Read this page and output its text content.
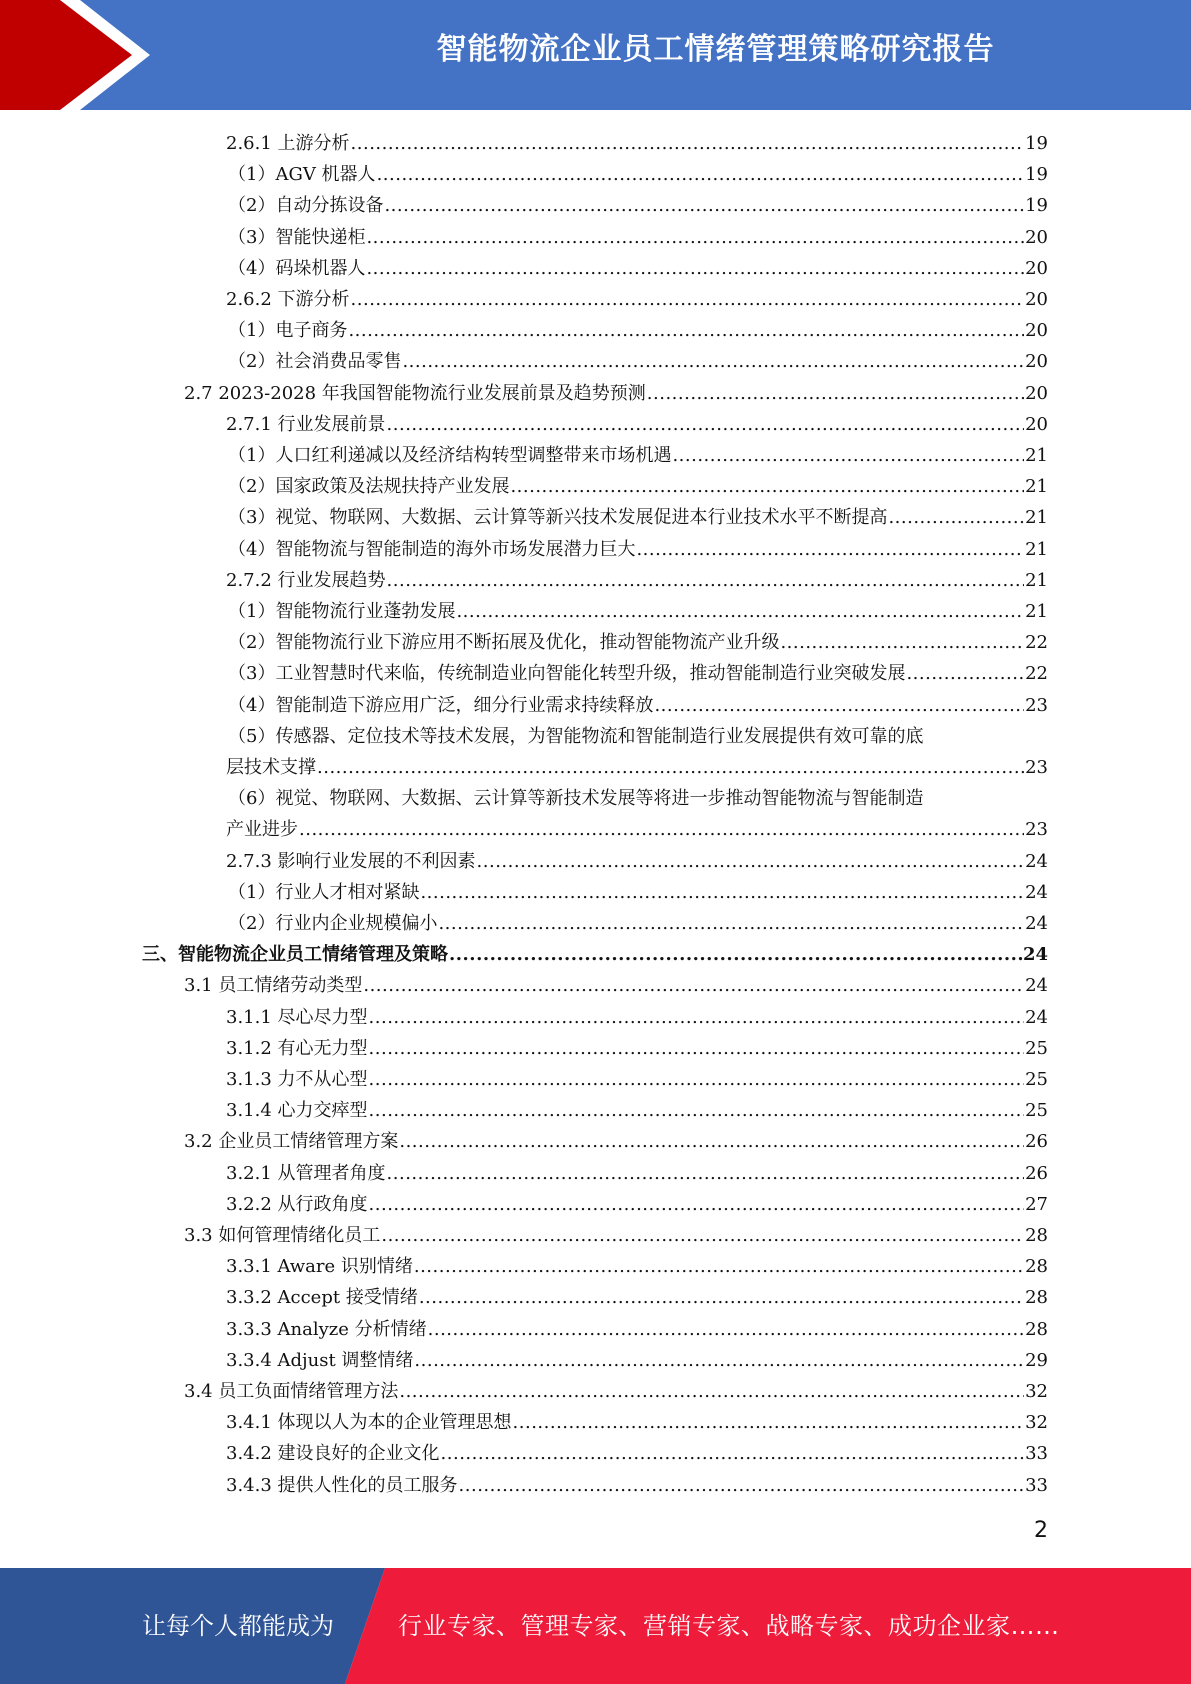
智能物流企业员工情绪管理策略研究报告
2.6.1 上游分析 .....	19
（1）AGV 机器人 .....	19
（2）自动分拣设备 .....	19
（3）智能快递柜 .....	20
（4）码垛机器人 .....	20
2.6.2 下游分析 .....	20
（1）电子商务 .....	20
（2）社会消费品零售 .....	20
2.7 2023-2028 年我国智能物流行业发展前景及趋势预测 .....	20
2.7.1 行业发展前景 .....	20
（1）人口红利递减以及经济结构转型调整带来市场机遇 .....	21
（2）国家政策及法规扶持产业发展 .....	21
（3）视觉、物联网、大数据、云计算等新兴技术发展促进本行业技术水平不断提高 .....	21
（4）智能物流与智能制造的海外市场发展潜力巨大 .....	21
2.7.2 行业发展趋势 .....	21
（1）智能物流行业蓬勃发展 .....	21
（2）智能物流行业下游应用不断拓展及优化，推动智能物流产业升级 .....	22
（3）工业智慧时代来临，传统制造业向智能化转型升级，推动智能制造行业突破发展 .....	22
（4）智能制造下游应用广泛，细分行业需求持续释放 .....	23
（5）传感器、定位技术等技术发展，为智能物流和智能制造行业发展提供有效可靠的底
层技术支撑 .....	23
（6）视觉、物联网、大数据、云计算等新技术发展等将进一步推动智能物流与智能制造
产业进步 .....	23
2.7.3 影响行业发展的不利因素 .....	24
（1）行业人才相对紧缺 .....	24
（2）行业内企业规模偏小 .....	24
三、智能物流企业员工情绪管理及策略 .....	24
3.1 员工情绪劳动类型 .....	24
3.1.1 尽心尽力型 .....	24
3.1.2 有心无力型 .....	25
3.1.3 力不从心型 .....	25
3.1.4 心力交瘁型 .....	25
3.2 企业员工情绪管理方案 .....	26
3.2.1 从管理者角度 .....	26
3.2.2 从行政角度 .....	27
3.3 如何管理情绪化员工 .....	28
3.3.1 Aware 识别情绪 .....	28
3.3.2 Accept 接受情绪 .....	28
3.3.3 Analyze 分析情绪 .....	28
3.3.4 Adjust 调整情绪 .....	29
3.4 员工负面情绪管理方法 .....	32
3.4.1 体现以人为本的企业管理思想 .....	32
3.4.2 建设良好的企业文化 .....	33
3.4.3 提供人性化的员工服务 .....	33
2
让每个人都能成为	行业专家、管理专家、营销专家、战略专家、成功企业家……
